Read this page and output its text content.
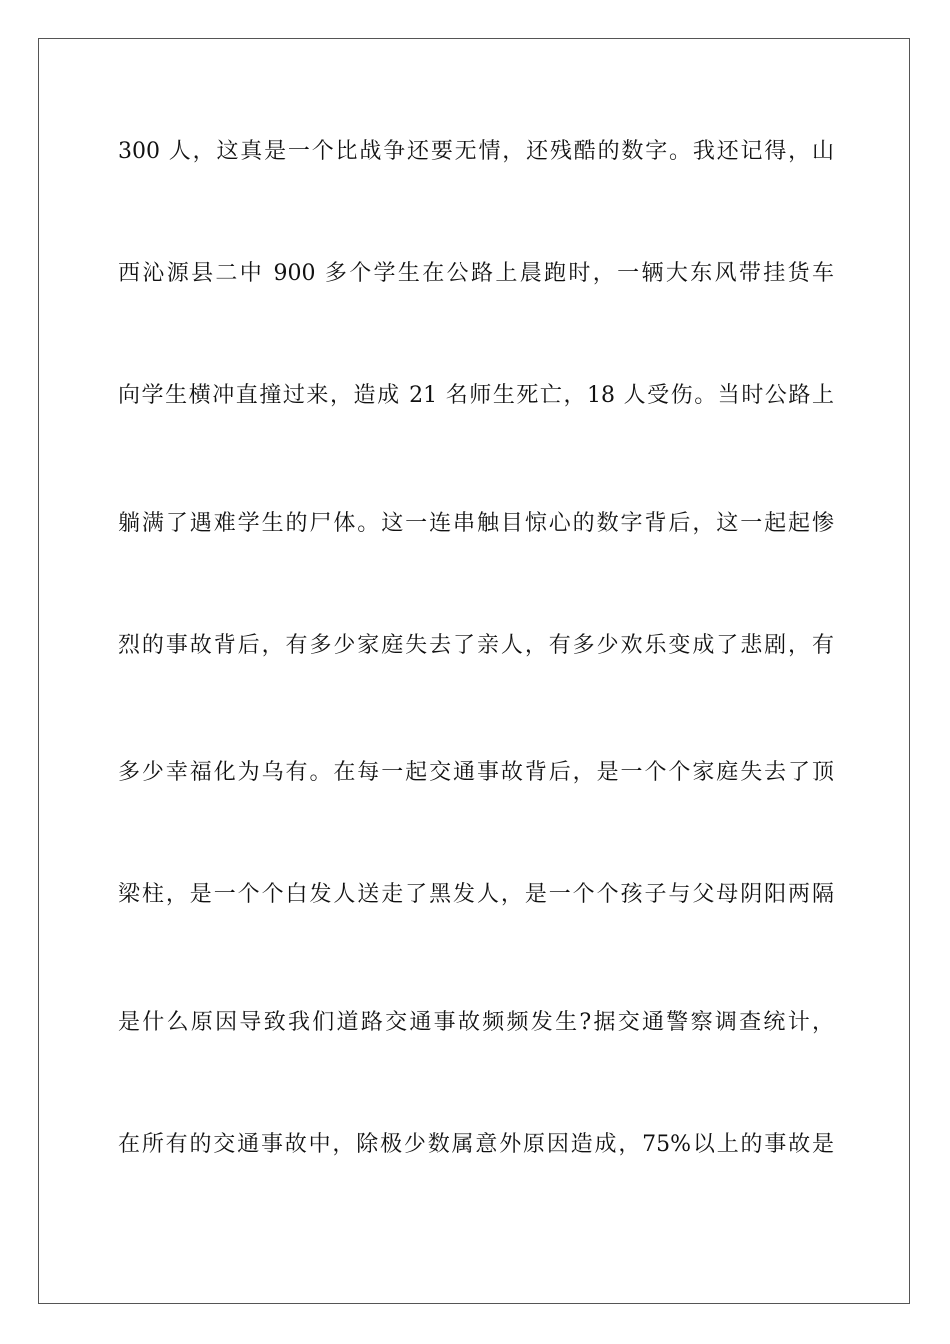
300 人，这真是一个比战争还要无情，还残酷的数字。我还记得，山
西沁源县二中 900 多个学生在公路上晨跑时，一辆大东风带挂货车
向学生横冲直撞过来，造成 21 名师生死亡，18 人受伤。当时公路上
躺满了遇难学生的尸体。这一连串触目惊心的数字背后，这一起起惨
烈的事故背后，有多少家庭失去了亲人，有多少欢乐变成了悲剧，有
多少幸福化为乌有。在每一起交通事故背后，是一个个家庭失去了顶
梁柱，是一个个白发人送走了黑发人，是一个个孩子与父母阴阳两隔
是什么原因导致我们道路交通事故频频发生?据交通警察调查统计，
在所有的交通事故中，除极少数属意外原因造成，75%以上的事故是
